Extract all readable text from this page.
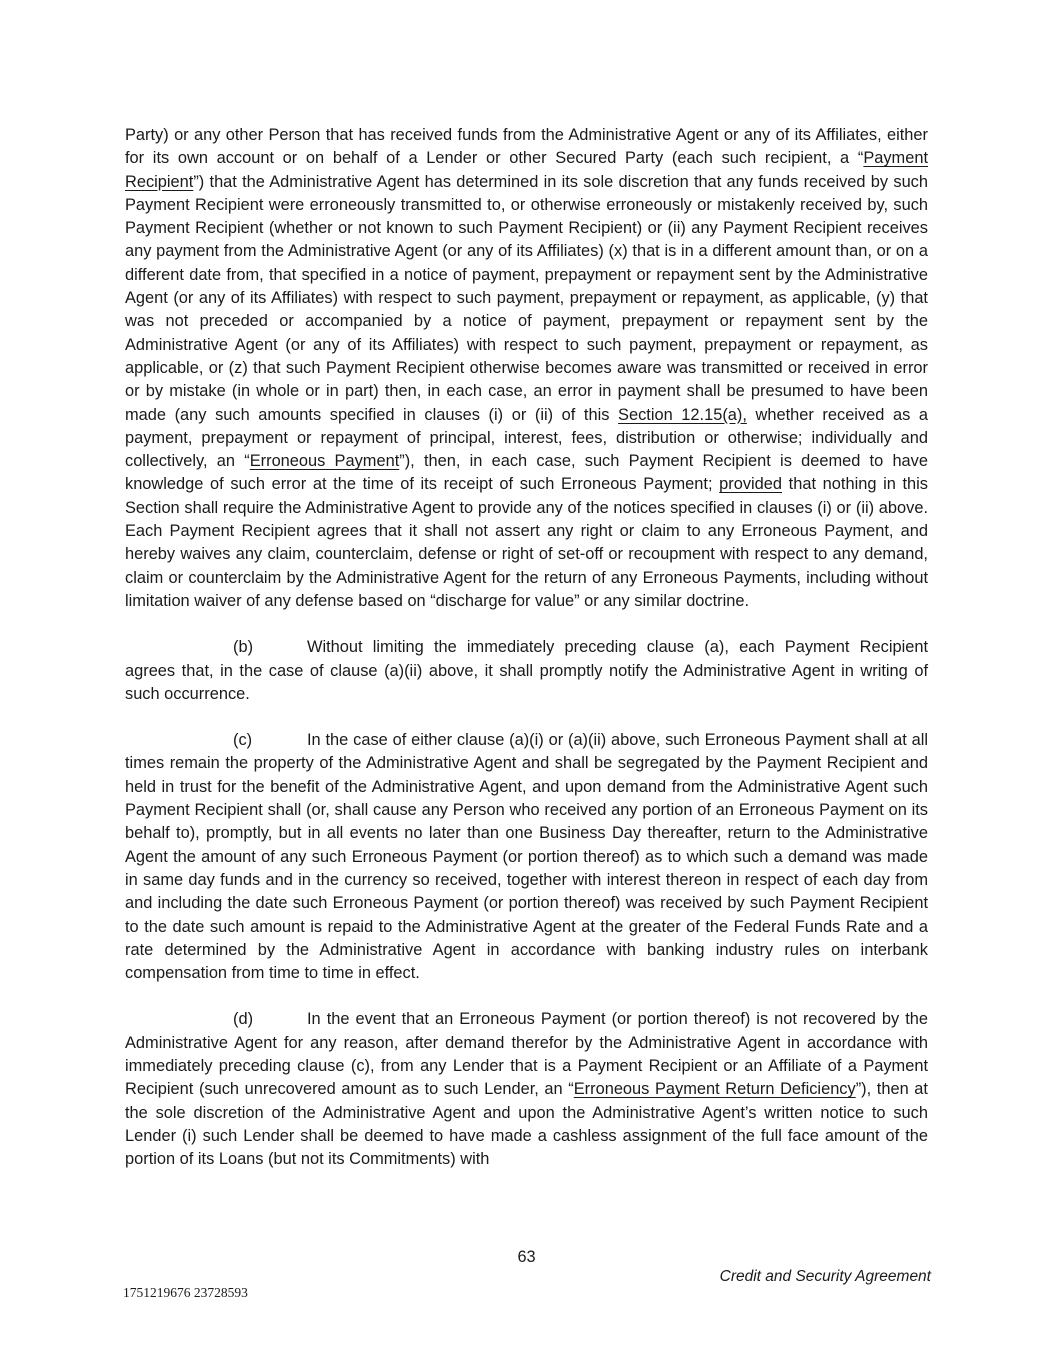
Party) or any other Person that has received funds from the Administrative Agent or any of its Affiliates, either for its own account or on behalf of a Lender or other Secured Party (each such recipient, a “Payment Recipient”) that the Administrative Agent has determined in its sole discretion that any funds received by such Payment Recipient were erroneously transmitted to, or otherwise erroneously or mistakenly received by, such Payment Recipient (whether or not known to such Payment Recipient) or (ii) any Payment Recipient receives any payment from the Administrative Agent (or any of its Affiliates) (x) that is in a different amount than, or on a different date from, that specified in a notice of payment, prepayment or repayment sent by the Administrative Agent (or any of its Affiliates) with respect to such payment, prepayment or repayment, as applicable, (y) that was not preceded or accompanied by a notice of payment, prepayment or repayment sent by the Administrative Agent (or any of its Affiliates) with respect to such payment, prepayment or repayment, as applicable, or (z) that such Payment Recipient otherwise becomes aware was transmitted or received in error or by mistake (in whole or in part) then, in each case, an error in payment shall be presumed to have been made (any such amounts specified in clauses (i) or (ii) of this Section 12.15(a), whether received as a payment, prepayment or repayment of principal, interest, fees, distribution or otherwise; individually and collectively, an “Erroneous Payment”), then, in each case, such Payment Recipient is deemed to have knowledge of such error at the time of its receipt of such Erroneous Payment; provided that nothing in this Section shall require the Administrative Agent to provide any of the notices specified in clauses (i) or (ii) above. Each Payment Recipient agrees that it shall not assert any right or claim to any Erroneous Payment, and hereby waives any claim, counterclaim, defense or right of set-off or recoupment with respect to any demand, claim or counterclaim by the Administrative Agent for the return of any Erroneous Payments, including without limitation waiver of any defense based on “discharge for value” or any similar doctrine.

(b)	Without limiting the immediately preceding clause (a), each Payment Recipient agrees that, in the case of clause (a)(ii) above, it shall promptly notify the Administrative Agent in writing of such occurrence.

(c)	In the case of either clause (a)(i) or (a)(ii) above, such Erroneous Payment shall at all times remain the property of the Administrative Agent and shall be segregated by the Payment Recipient and held in trust for the benefit of the Administrative Agent, and upon demand from the Administrative Agent such Payment Recipient shall (or, shall cause any Person who received any portion of an Erroneous Payment on its behalf to), promptly, but in all events no later than one Business Day thereafter, return to the Administrative Agent the amount of any such Erroneous Payment (or portion thereof) as to which such a demand was made in same day funds and in the currency so received, together with interest thereon in respect of each day from and including the date such Erroneous Payment (or portion thereof) was received by such Payment Recipient to the date such amount is repaid to the Administrative Agent at the greater of the Federal Funds Rate and a rate determined by the Administrative Agent in accordance with banking industry rules on interbank compensation from time to time in effect.

(d)	In the event that an Erroneous Payment (or portion thereof) is not recovered by the Administrative Agent for any reason, after demand therefor by the Administrative Agent in accordance with immediately preceding clause (c), from any Lender that is a Payment Recipient or an Affiliate of a Payment Recipient (such unrecovered amount as to such Lender, an “Erroneous Payment Return Deficiency”), then at the sole discretion of the Administrative Agent and upon the Administrative Agent’s written notice to such Lender (i) such Lender shall be deemed to have made a cashless assignment of the full face amount of the portion of its Loans (but not its Commitments) with

63
Credit and Security Agreement
1751219676 23728593
